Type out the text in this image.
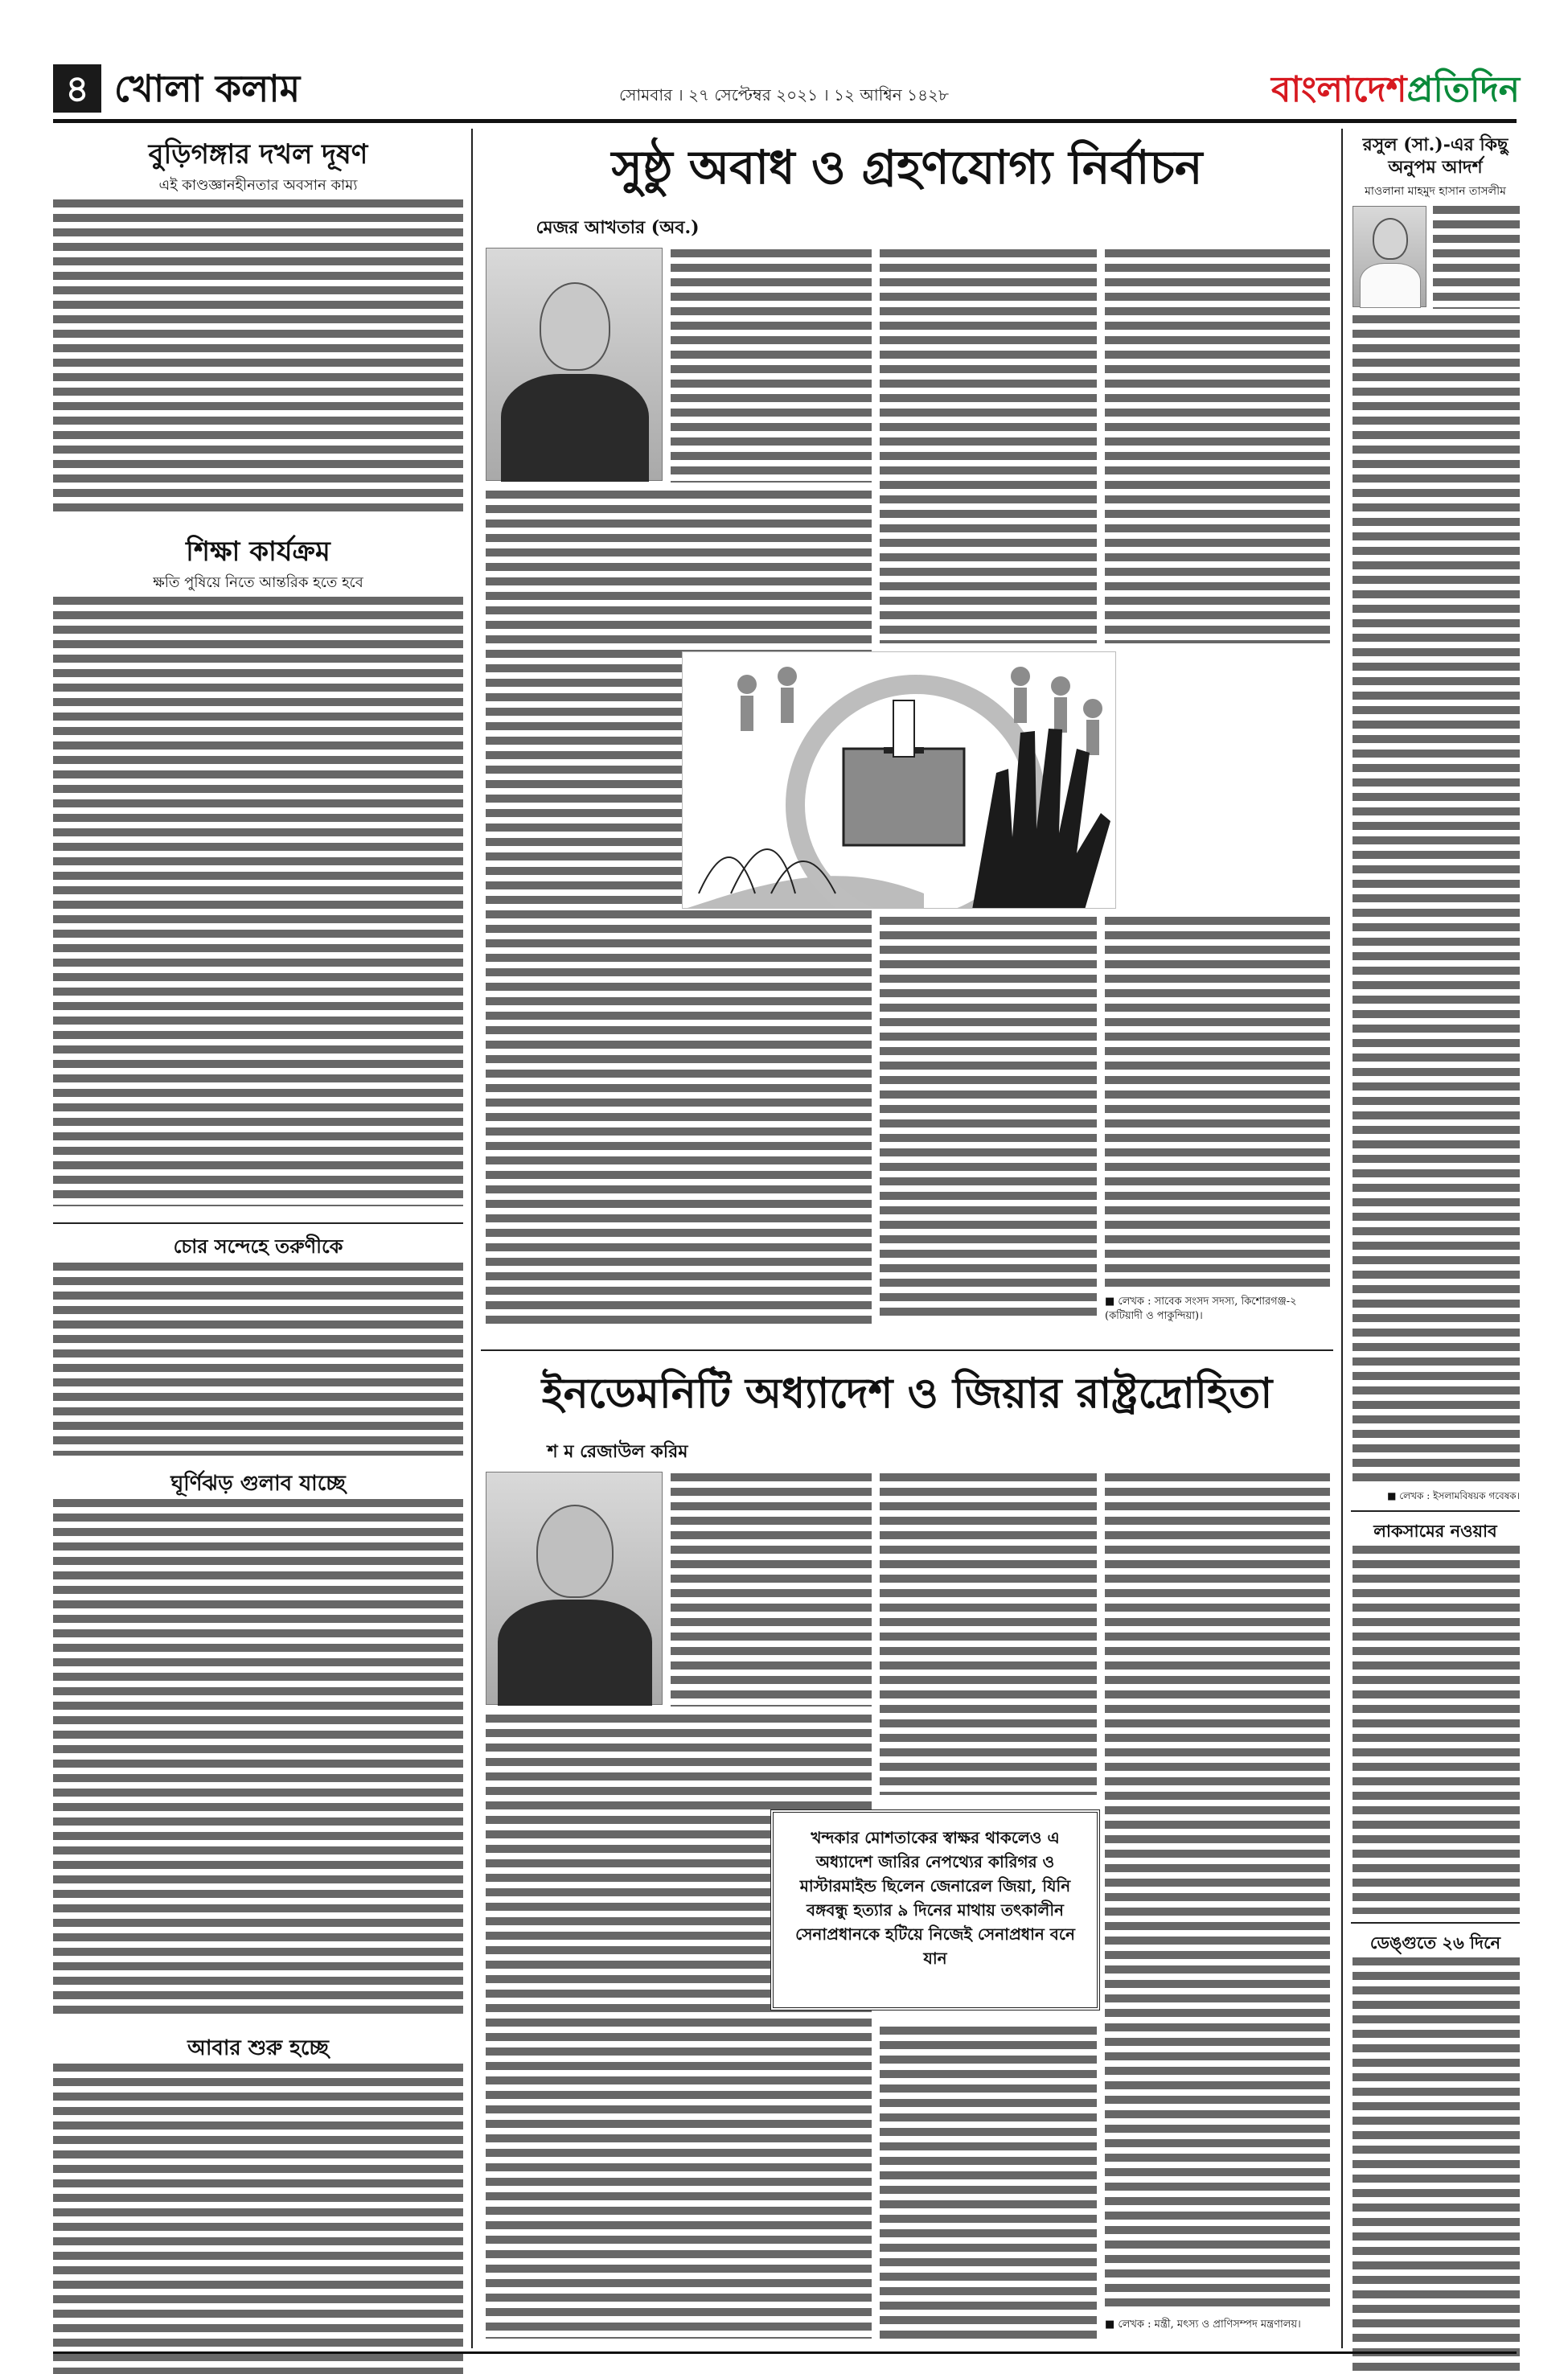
৪ খোলা কলাম	সোমবার । ২৭ সেপ্টেম্বর ২০২১ । ১২ আশ্বিন ১৪২৮	বাংলাদেশপ্রতিদিন
বুড়িগঙ্গার দখল দূষণ
এই কাণ্ডজ্ঞানহীনতার অবসান কাম্য
শিক্ষা কার্যক্রম
ক্ষতি পুষিয়ে নিতে আন্তরিক হতে হবে
চোর সন্দেহে তরুণীকে
ঘূর্ণিঝড় গুলাব যাচ্ছে
আবার শুরু হচ্ছে
সুষ্ঠু অবাধ ও গ্রহণযোগ্য নির্বাচন
মেজর আখতার (অব.)
■ লেখক : সাবেক সংসদ সদস্য, কিশোরগঞ্জ-২ (কটিয়াদী ও পাকুন্দিয়া)।
ইনডেমনিটি অধ্যাদেশ ও জিয়ার রাষ্ট্রদ্রোহিতা
শ ম রেজাউল করিম
খন্দকার মোশতাকের স্বাক্ষর থাকলেও এ অধ্যাদেশ জারির নেপথ্যের কারিগর ও মাস্টারমাইন্ড ছিলেন জেনারেল জিয়া, যিনি বঙ্গবন্ধু হত্যার ৯ দিনের মাথায় তৎকালীন সেনাপ্রধানকে হটিয়ে নিজেই সেনাপ্রধান বনে যান
■ লেখক : মন্ত্রী, মৎস্য ও প্রাণিসম্পদ মন্ত্রণালয়।
রসুল (সা.)-এর কিছু অনুপম আদর্শ
মাওলানা মাহমুদ হাসান তাসলীম
■ লেখক : ইসলামবিষয়ক গবেষক।
লাকসামের নওয়াব
ডেঙ্গুতে ২৬ দিনে
